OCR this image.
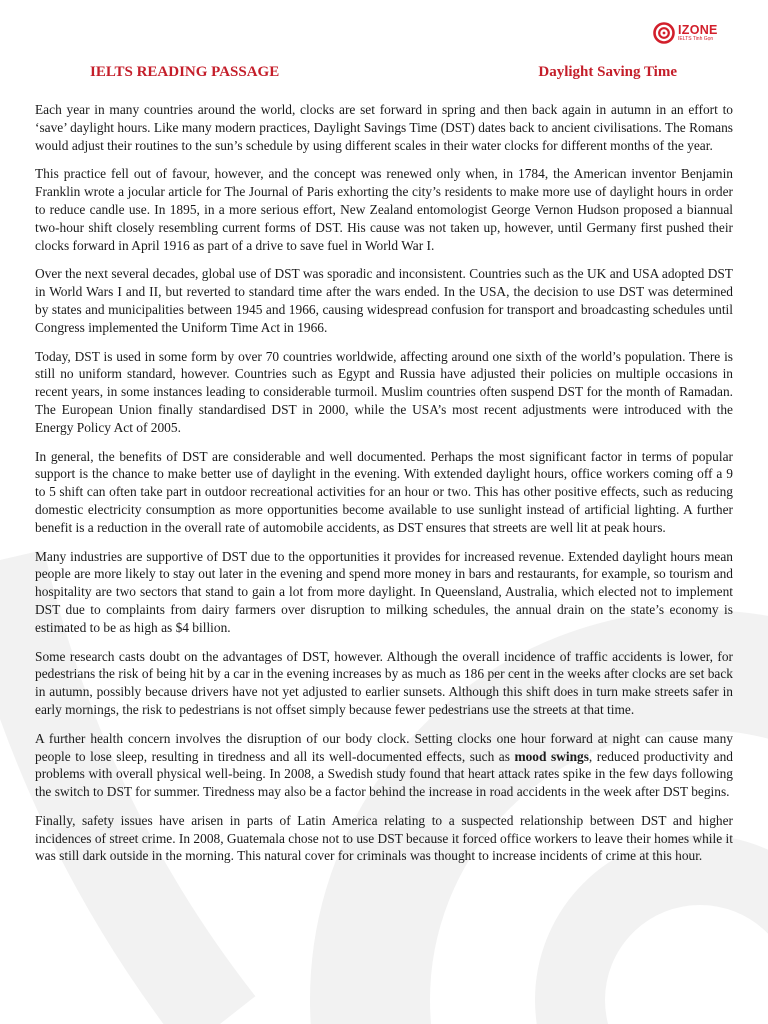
IZONE
IELTS Tinh Gọn
IELTS READING PASSAGE	Daylight Saving Time

Each year in many countries around the world, clocks are set forward in spring and then back again in autumn in an effort to ‘save’ daylight hours. Like many modern practices, Daylight Savings Time (DST) dates back to ancient civilisations. The Romans would adjust their routines to the sun’s schedule by using different scales in their water clocks for different months of the year.

This practice fell out of favour, however, and the concept was renewed only when, in 1784, the American inventor Benjamin Franklin wrote a jocular article for The Journal of Paris exhorting the city’s residents to make more use of daylight hours in order to reduce candle use. In 1895, in a more serious effort, New Zealand entomologist George Vernon Hudson proposed a biannual two-hour shift closely resembling current forms of DST. His cause was not taken up, however, until Germany first pushed their clocks forward in April 1916 as part of a drive to save fuel in World War I.

Over the next several decades, global use of DST was sporadic and inconsistent. Countries such as the UK and USA adopted DST in World Wars I and II, but reverted to standard time after the wars ended. In the USA, the decision to use DST was determined by states and municipalities between 1945 and 1966, causing widespread confusion for transport and broadcasting schedules until Congress implemented the Uniform Time Act in 1966.

Today, DST is used in some form by over 70 countries worldwide, affecting around one sixth of the world’s population. There is still no uniform standard, however. Countries such as Egypt and Russia have adjusted their policies on multiple occasions in recent years, in some instances leading to considerable turmoil. Muslim countries often suspend DST for the month of Ramadan. The European Union finally standardised DST in 2000, while the USA’s most recent adjustments were introduced with the Energy Policy Act of 2005.

In general, the benefits of DST are considerable and well documented. Perhaps the most significant factor in terms of popular support is the chance to make better use of daylight in the evening. With extended daylight hours, office workers coming off a 9 to 5 shift can often take part in outdoor recreational activities for an hour or two. This has other positive effects, such as reducing domestic electricity consumption as more opportunities become available to use sunlight instead of artificial lighting. A further benefit is a reduction in the overall rate of automobile accidents, as DST ensures that streets are well lit at peak hours.

Many industries are supportive of DST due to the opportunities it provides for increased revenue. Extended daylight hours mean people are more likely to stay out later in the evening and spend more money in bars and restaurants, for example, so tourism and hospitality are two sectors that stand to gain a lot from more daylight. In Queensland, Australia, which elected not to implement DST due to complaints from dairy farmers over disruption to milking schedules, the annual drain on the state’s economy is estimated to be as high as $4 billion.

Some research casts doubt on the advantages of DST, however. Although the overall incidence of traffic accidents is lower, for pedestrians the risk of being hit by a car in the evening increases by as much as 186 per cent in the weeks after clocks are set back in autumn, possibly because drivers have not yet adjusted to earlier sunsets. Although this shift does in turn make streets safer in early mornings, the risk to pedestrians is not offset simply because fewer pedestrians use the streets at that time.

A further health concern involves the disruption of our body clock. Setting clocks one hour forward at night can cause many people to lose sleep, resulting in tiredness and all its well-documented effects, such as mood swings, reduced productivity and problems with overall physical well-being. In 2008, a Swedish study found that heart attack rates spike in the few days following the switch to DST for summer. Tiredness may also be a factor behind the increase in road accidents in the week after DST begins.

Finally, safety issues have arisen in parts of Latin America relating to a suspected relationship between DST and higher incidences of street crime. In 2008, Guatemala chose not to use DST because it forced office workers to leave their homes while it was still dark outside in the morning. This natural cover for criminals was thought to increase incidents of crime at this hour.
